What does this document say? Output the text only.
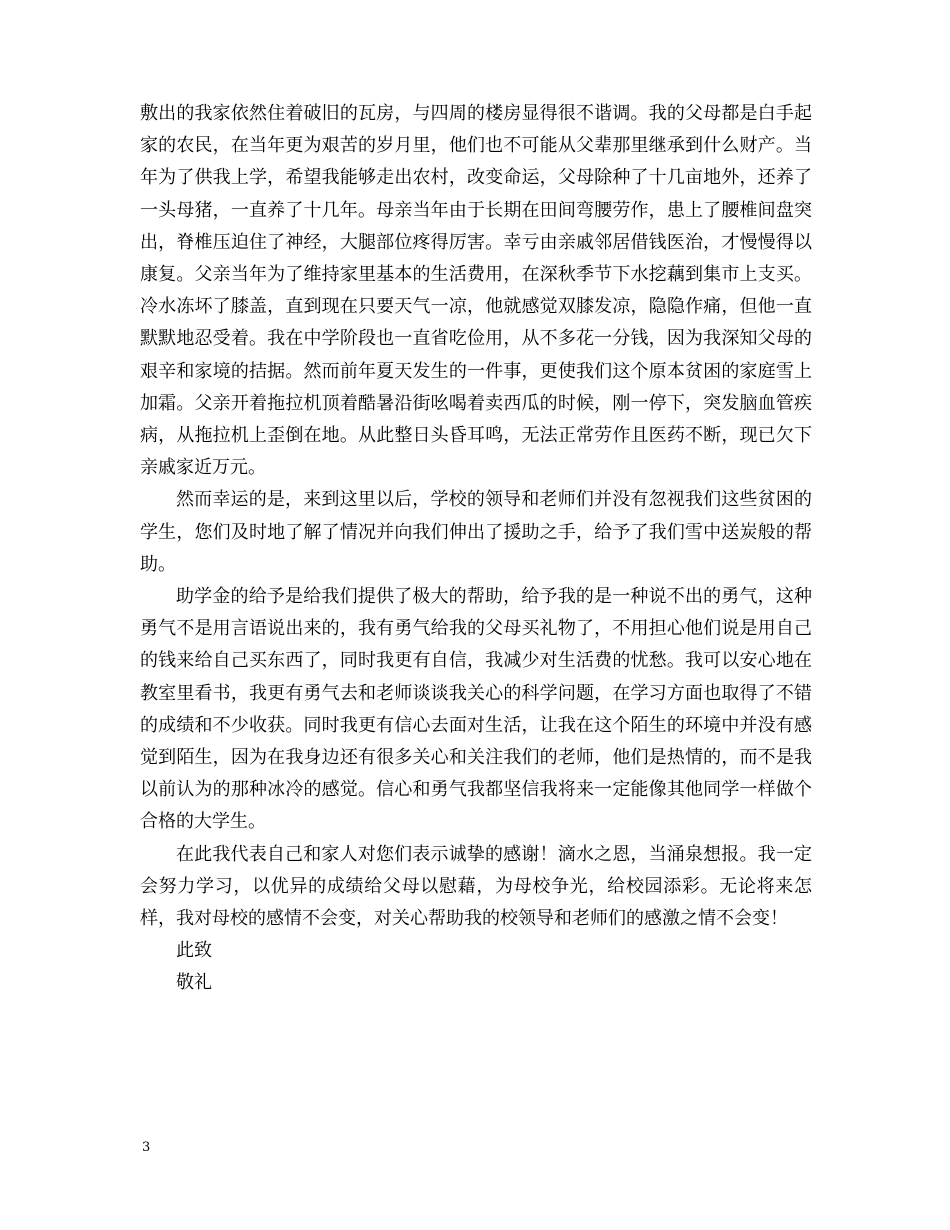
敷出的我家依然住着破旧的瓦房，与四周的楼房显得很不谐调。我的父母都是白手起家的农民，在当年更为艰苦的岁月里，他们也不可能从父辈那里继承到什么财产。当年为了供我上学，希望我能够走出农村，改变命运，父母除种了十几亩地外，还养了一头母猪，一直养了十几年。母亲当年由于长期在田间弯腰劳作，患上了腰椎间盘突出，脊椎压迫住了神经，大腿部位疼得厉害。幸亏由亲戚邻居借钱医治，才慢慢得以康复。父亲当年为了维持家里基本的生活费用，在深秋季节下水挖藕到集市上支买。冷水冻坏了膝盖，直到现在只要天气一凉，他就感觉双膝发凉，隐隐作痛，但他一直默默地忍受着。我在中学阶段也一直省吃俭用，从不多花一分钱，因为我深知父母的艰辛和家境的拮据。然而前年夏天发生的一件事，更使我们这个原本贫困的家庭雪上加霜。父亲开着拖拉机顶着酷暑沿街吆喝着卖西瓜的时候，刚一停下，突发脑血管疾病，从拖拉机上歪倒在地。从此整日头昏耳鸣，无法正常劳作且医药不断，现已欠下亲戚家近万元。

然而幸运的是，来到这里以后，学校的领导和老师们并没有忽视我们这些贫困的学生，您们及时地了解了情况并向我们伸出了援助之手，给予了我们雪中送炭般的帮助。

助学金的给予是给我们提供了极大的帮助，给予我的是一种说不出的勇气，这种勇气不是用言语说出来的，我有勇气给我的父母买礼物了，不用担心他们说是用自己的钱来给自己买东西了，同时我更有自信，我减少对生活费的忧愁。我可以安心地在教室里看书，我更有勇气去和老师谈谈我关心的科学问题，在学习方面也取得了不错的成绩和不少收获。同时我更有信心去面对生活，让我在这个陌生的环境中并没有感觉到陌生，因为在我身边还有很多关心和关注我们的老师，他们是热情的，而不是我以前认为的那种冰冷的感觉。信心和勇气我都坚信我将来一定能像其他同学一样做个合格的大学生。

在此我代表自己和家人对您们表示诚挚的感谢！滴水之恩，当涌泉想报。我一定会努力学习，以优异的成绩给父母以慰藉，为母校争光，给校园添彩。无论将来怎样，我对母校的感情不会变，对关心帮助我的校领导和老师们的感激之情不会变！

此致

敬礼

3
